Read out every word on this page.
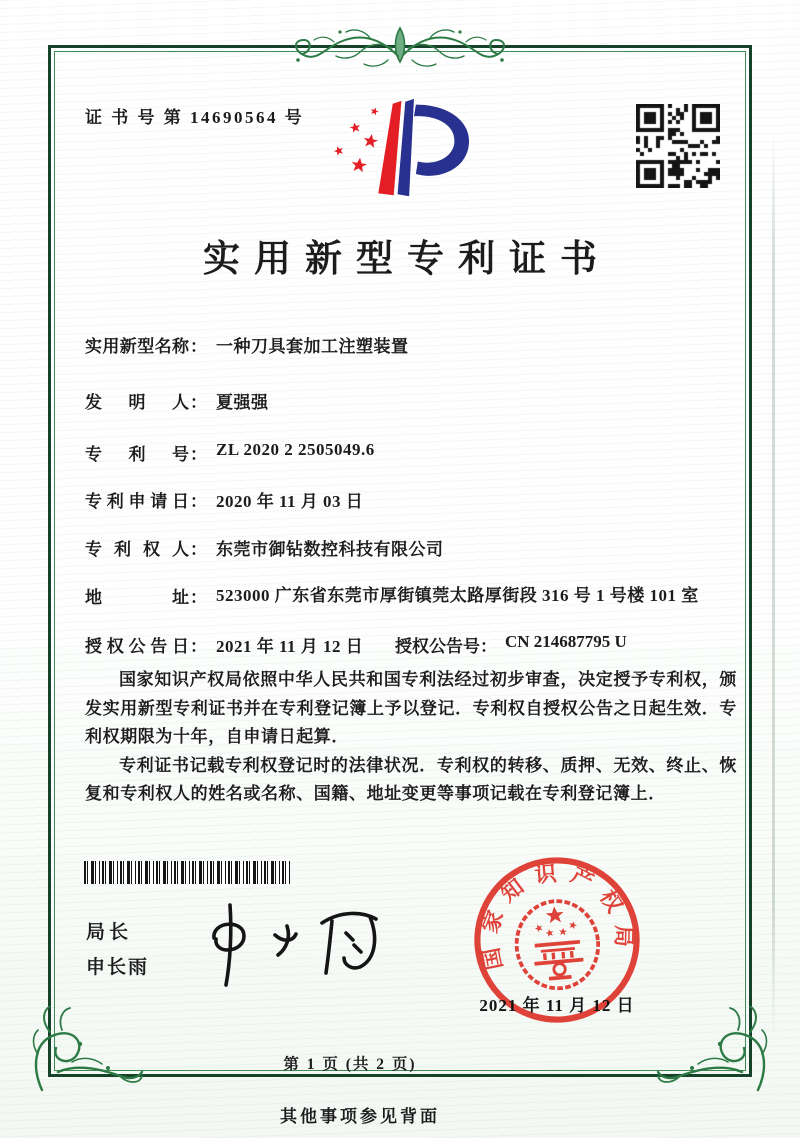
证 书 号 第 14690564 号
实用新型专利证书
实用新型名称 ： 一种刀具套加工注塑装置
发明人 ： 夏强强
专利号 ： ZL 2020 2 2505049.6
专利申请日 ： 2020 年 11 月 03 日
专利权人 ： 东莞市御钻数控科技有限公司
地址 ： 523000 广东省东莞市厚街镇莞太路厚街段 316 号 1 号楼 101 室
授权公告日 ： 2021 年 11 月 12 日 授权公告号： CN 214687795 U

国家知识产权局依照中华人民共和国专利法经过初步审查，决定授予专利权，颁发实用新型专利证书并在专利登记簿上予以登记．专利权自授权公告之日起生效．专利权期限为十年，自申请日起算．

专利证书记载专利权登记时的法律状况．专利权的转移、质押、无效、终止、恢复和专利权人的姓名或名称、国籍、地址变更等事项记载在专利登记簿上．

局长
申长雨	国家知识产权局
2021 年 11 月 12 日
第 1 页 (共 2 页)
其他事项参见背面
